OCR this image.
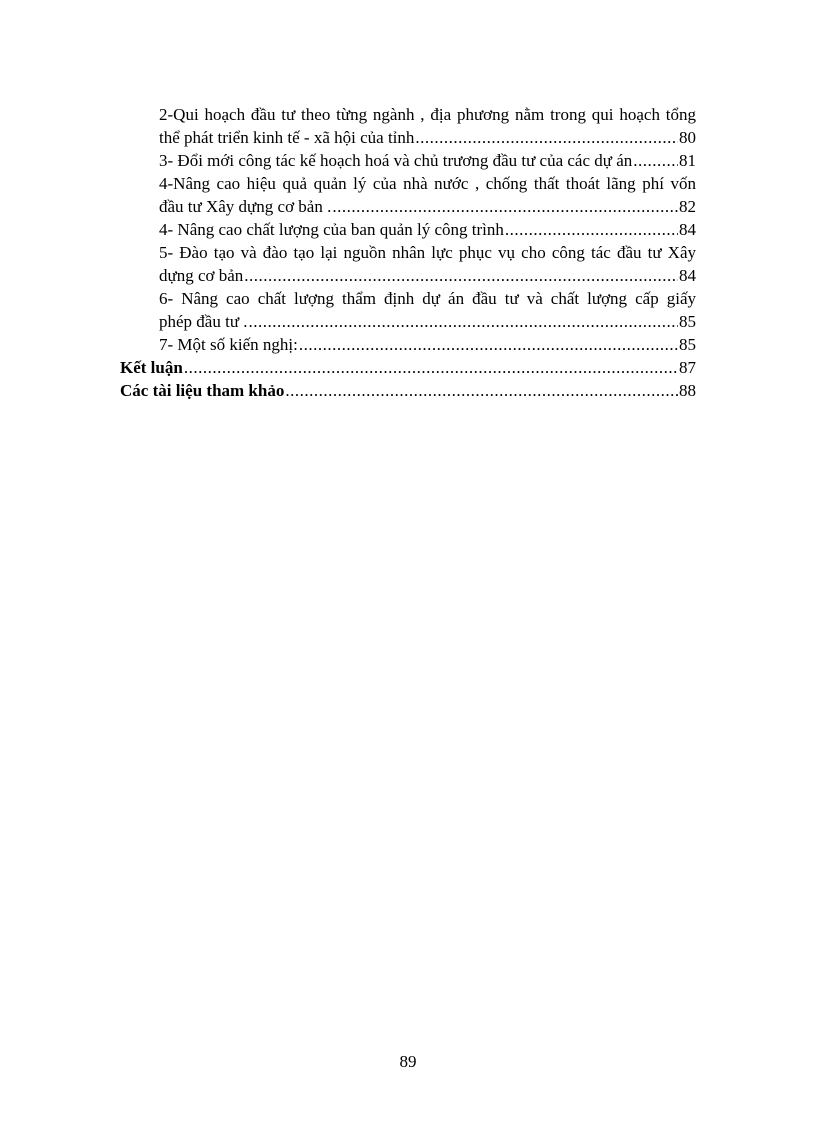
2-Qui hoạch đầu tư theo từng ngành , địa phương nằm trong qui hoạch tổng
thể phát triển kinh tế - xã hội của tỉnh .....	80
3- Đổi mới công tác kế hoạch hoá và chủ trương đầu tư của các dự án .....	81
4-Nâng cao hiệu quả quản lý của nhà nước , chống thất thoát lãng phí vốn
đầu tư Xây dựng cơ bản . .....	82
4- Nâng cao chất lượng của ban quản lý công trình .....	84
5- Đào tạo và đào tạo lại nguồn nhân lực phục vụ cho công tác đầu tư Xây
dựng cơ bản .....	84
6- Nâng cao chất lượng thẩm định dự án đầu tư và chất lượng cấp giấy
phép đầu tư . .....	85
7- Một số kiến nghị: .....	85
Kết luận .....	87
Các tài liệu tham khảo .....	88
89
